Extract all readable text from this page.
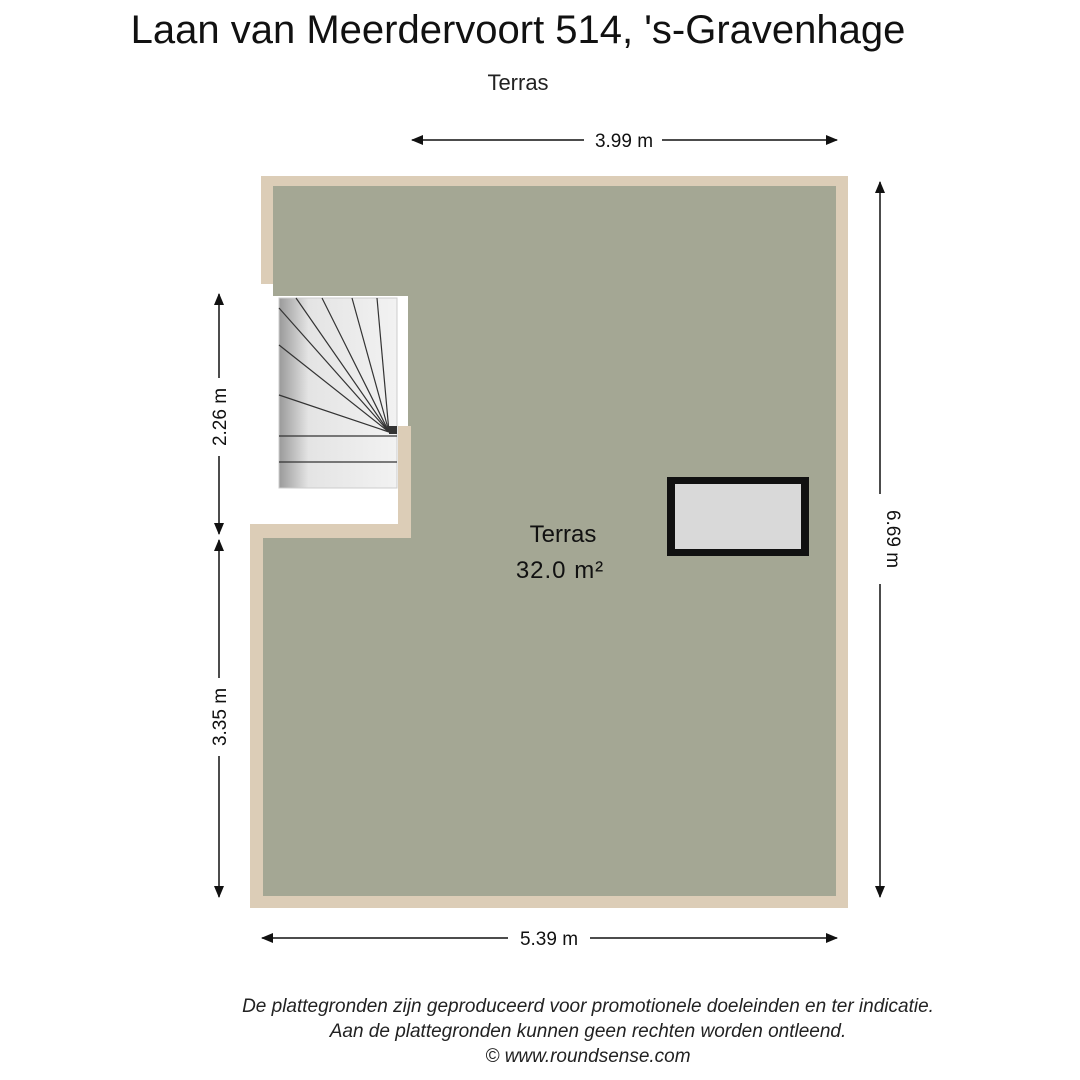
Laan van Meerdervoort 514, 's-Gravenhage
Terras
Terras
32.0 m²
3.99 m
5.39 m
6.69 m
2.26 m
3.35 m
De plattegronden zijn geproduceerd voor promotionele doeleinden en ter indicatie.
Aan de plattegronden kunnen geen rechten worden ontleend.
© www.roundsense.com
